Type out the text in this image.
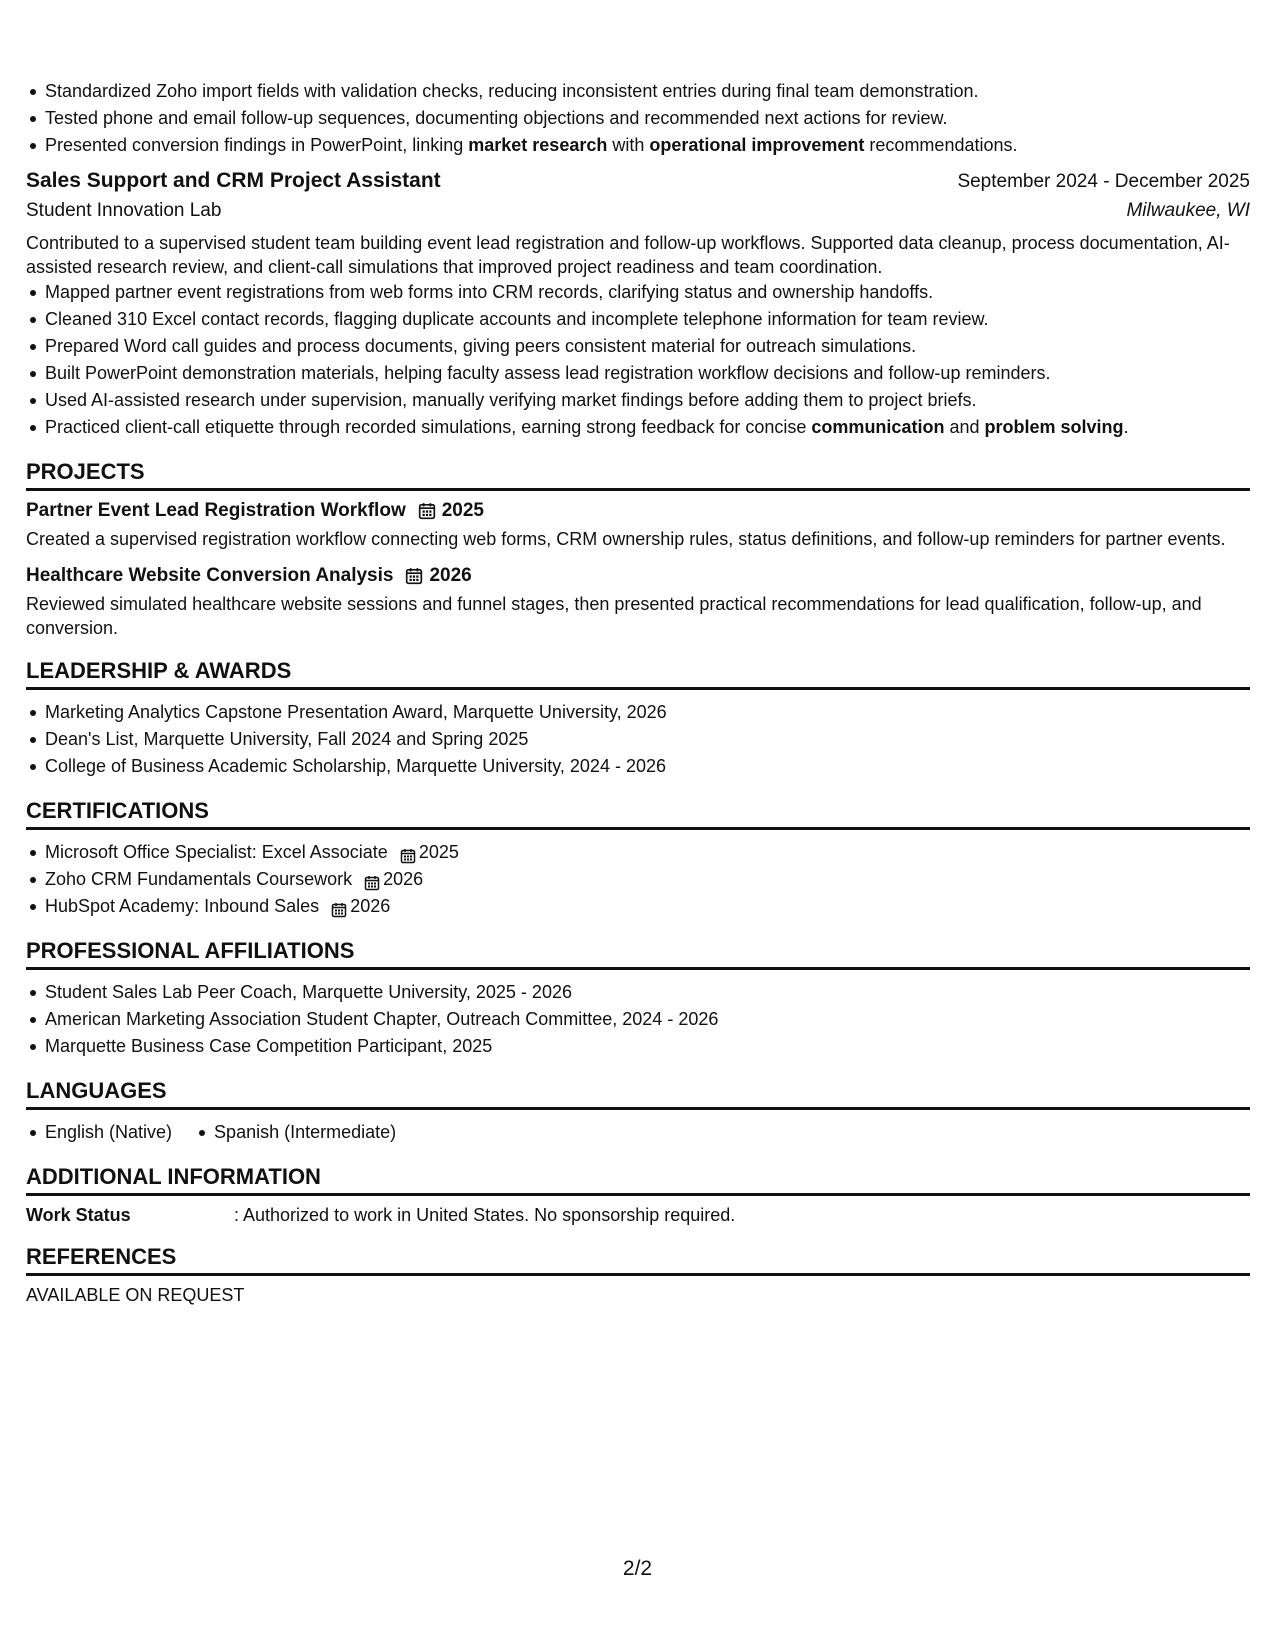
Standardized Zoho import fields with validation checks, reducing inconsistent entries during final team demonstration.
Tested phone and email follow-up sequences, documenting objections and recommended next actions for review.
Presented conversion findings in PowerPoint, linking market research with operational improvement recommendations.
Sales Support and CRM Project Assistant	September 2024 - December 2025
Student Innovation Lab	Milwaukee, WI
Contributed to a supervised student team building event lead registration and follow-up workflows. Supported data cleanup, process documentation, AI-assisted research review, and client-call simulations that improved project readiness and team coordination.
Mapped partner event registrations from web forms into CRM records, clarifying status and ownership handoffs.
Cleaned 310 Excel contact records, flagging duplicate accounts and incomplete telephone information for team review.
Prepared Word call guides and process documents, giving peers consistent material for outreach simulations.
Built PowerPoint demonstration materials, helping faculty assess lead registration workflow decisions and follow-up reminders.
Used AI-assisted research under supervision, manually verifying market findings before adding them to project briefs.
Practiced client-call etiquette through recorded simulations, earning strong feedback for concise communication and problem solving.
PROJECTS
Partner Event Lead Registration Workflow 2025
Created a supervised registration workflow connecting web forms, CRM ownership rules, status definitions, and follow-up reminders for partner events.
Healthcare Website Conversion Analysis 2026
Reviewed simulated healthcare website sessions and funnel stages, then presented practical recommendations for lead qualification, follow-up, and conversion.
LEADERSHIP & AWARDS
Marketing Analytics Capstone Presentation Award, Marquette University, 2026
Dean's List, Marquette University, Fall 2024 and Spring 2025
College of Business Academic Scholarship, Marquette University, 2024 - 2026
CERTIFICATIONS
Microsoft Office Specialist: Excel Associate 2025
Zoho CRM Fundamentals Coursework 2026
HubSpot Academy: Inbound Sales 2026
PROFESSIONAL AFFILIATIONS
Student Sales Lab Peer Coach, Marquette University, 2025 - 2026
American Marketing Association Student Chapter, Outreach Committee, 2024 - 2026
Marquette Business Case Competition Participant, 2025
LANGUAGES
English (Native) Spanish (Intermediate)
ADDITIONAL INFORMATION
Work Status	: Authorized to work in United States. No sponsorship required.
REFERENCES
AVAILABLE ON REQUEST
2/2
